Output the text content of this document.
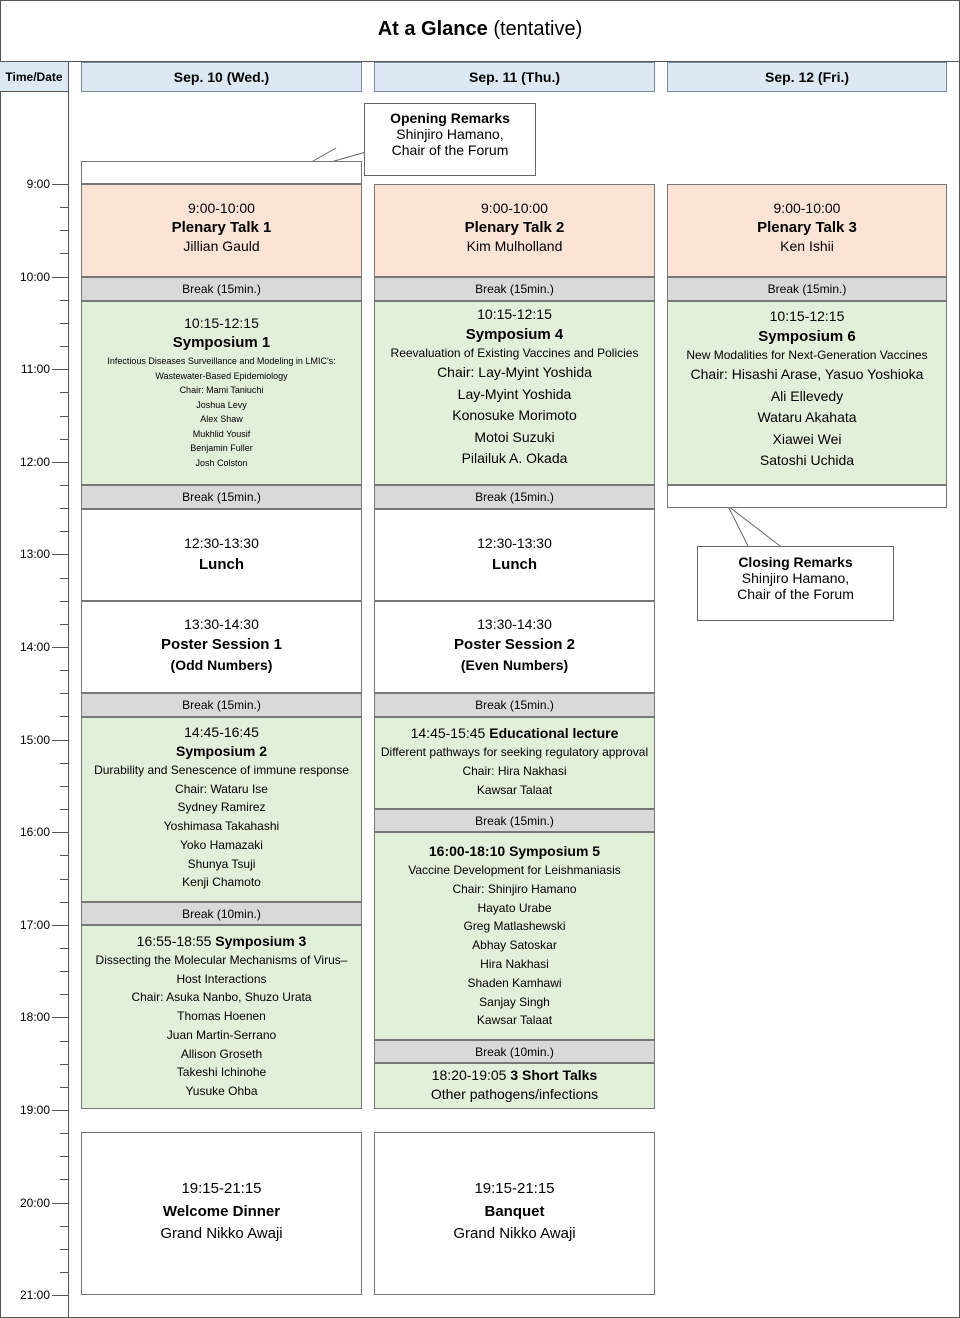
At a Glance (tentative)
Time/Date
9:00
10:00
11:00
12:00
13:00
14:00
15:00
16:00
17:00
18:00
19:00
20:00
21:00
Sep. 10 (Wed.)	Sep. 11 (Thu.)	Sep. 12 (Fri.)
Opening Remarks
Shinjiro Hamano,
Chair of the Forum
9:00-10:00
Plenary Talk 1
Jillian Gauld
Break (15min.)
10:15-12:15
Symposium 1
Infectious Diseases Surveillance and Modeling in LMIC's:
Wastewater-Based Epidemiology
Chair: Mami Taniuchi
Joshua Levy
Alex Shaw
Mukhlid Yousif
Benjamin Fuller
Josh Colston
Break (15min.)
12:30-13:30
Lunch
13:30-14:30
Poster Session 1
(Odd Numbers)
Break (15min.)
14:45-16:45
Symposium 2
Durability and Senescence of immune response
Chair: Wataru Ise
Sydney Ramirez
Yoshimasa Takahashi
Yoko Hamazaki
Shunya Tsuji
Kenji Chamoto
Break (10min.)
16:55-18:55 Symposium 3
Dissecting the Molecular Mechanisms of Virus–
Host Interactions
Chair: Asuka Nanbo, Shuzo Urata
Thomas Hoenen
Juan Martin-Serrano
Allison Groseth
Takeshi Ichinohe
Yusuke Ohba
19:15-21:15
Welcome Dinner
Grand Nikko Awaji
9:00-10:00
Plenary Talk 2
Kim Mulholland
Break (15min.)
10:15-12:15
Symposium 4
Reevaluation of Existing Vaccines and Policies
Chair: Lay-Myint Yoshida
Lay-Myint Yoshida
Konosuke Morimoto
Motoi Suzuki
Pilailuk A. Okada
Break (15min.)
12:30-13:30
Lunch
13:30-14:30
Poster Session 2
(Even Numbers)
Break (15min.)
14:45-15:45 Educational lecture
Different pathways for seeking regulatory approval
Chair: Hira Nakhasi
Kawsar Talaat
Break (15min.)
16:00-18:10 Symposium 5
Vaccine Development for Leishmaniasis
Chair: Shinjiro Hamano
Hayato Urabe
Greg Matlashewski
Abhay Satoskar
Hira Nakhasi
Shaden Kamhawi
Sanjay Singh
Kawsar Talaat
Break (10min.)
18:20-19:05 3 Short Talks
Other pathogens/infections
19:15-21:15
Banquet
Grand Nikko Awaji
9:00-10:00
Plenary Talk 3
Ken Ishii
Break (15min.)
10:15-12:15
Symposium 6
New Modalities for Next-Generation Vaccines
Chair: Hisashi Arase, Yasuo Yoshioka
Ali Ellevedy
Wataru Akahata
Xiawei Wei
Satoshi Uchida
Closing Remarks
Shinjiro Hamano,
Chair of the Forum
